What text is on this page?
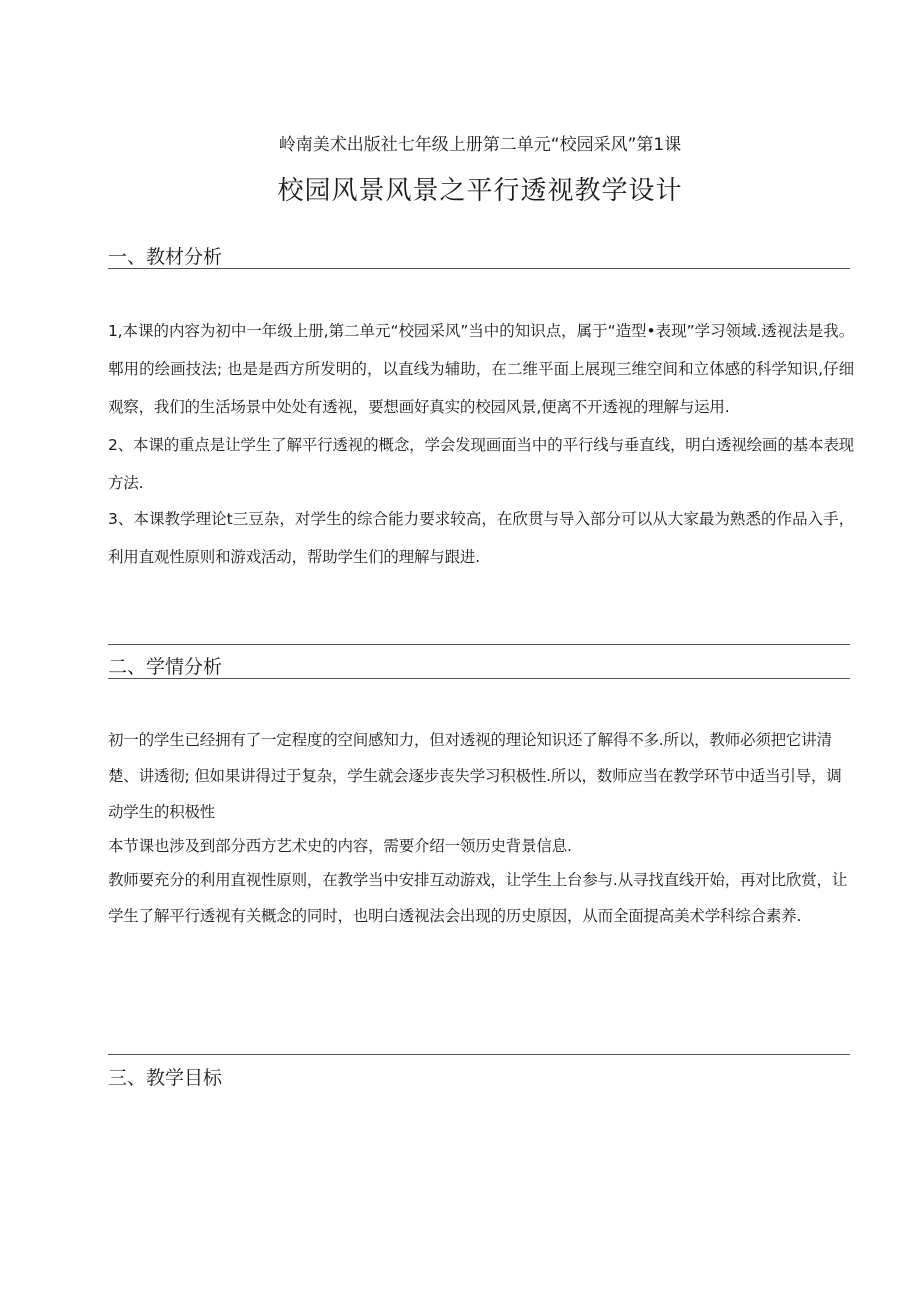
岭南美术出版社七年级上册第二单元“校园采风”第1课
校园风景风景之平行透视教学设计
一、教材分析
1,本课的内容为初中一年级上册,第二单元“校园采风”当中的知识点，属于“造型•表现”学习领域.透视法是我。郫用的绘画技法; 也是是西方所发明的，以直线为辅助，在二维平面上展现三维空间和立体感的科学知识,仔细观察，我们的生活场景中处处有透视，要想画好真实的校园风景,便离不开透视的理解与运用.
2、本课的重点是让学生了解平行透视的概念，学会发现画面当中的平行线与垂直线，明白透视绘画的基本表现方法.
3、本课教学理论t三豆杂，对学生的综合能力要求较高，在欣贯与导入部分可以从大家最为熟悉的作品入手，利用直观性原则和游戏活动，帮助学生们的理解与跟进.
二、学情分析

初一的学生已经拥有了一定程度的空间感知力，但对透视的理论知识还了解得不多.所以，教师必须把它讲清楚、讲透彻; 但如果讲得过于复杂，学生就会逐步丧失学习积极性.所以，数师应当在教学环节中适当引导，调动学生的积极性

本节课也涉及到部分西方艺术史的内容，需要介绍一领历史背景信息.

教师要充分的利用直视性原则，在教学当中安排互动游戏，让学生上台参与.从寻找直线开始，再对比欣赏，让学生了解平行透视有关概念的同时，也明白透视法会出现的历史原因，从而全面提高美术学科综合素养.

三、教学目标
